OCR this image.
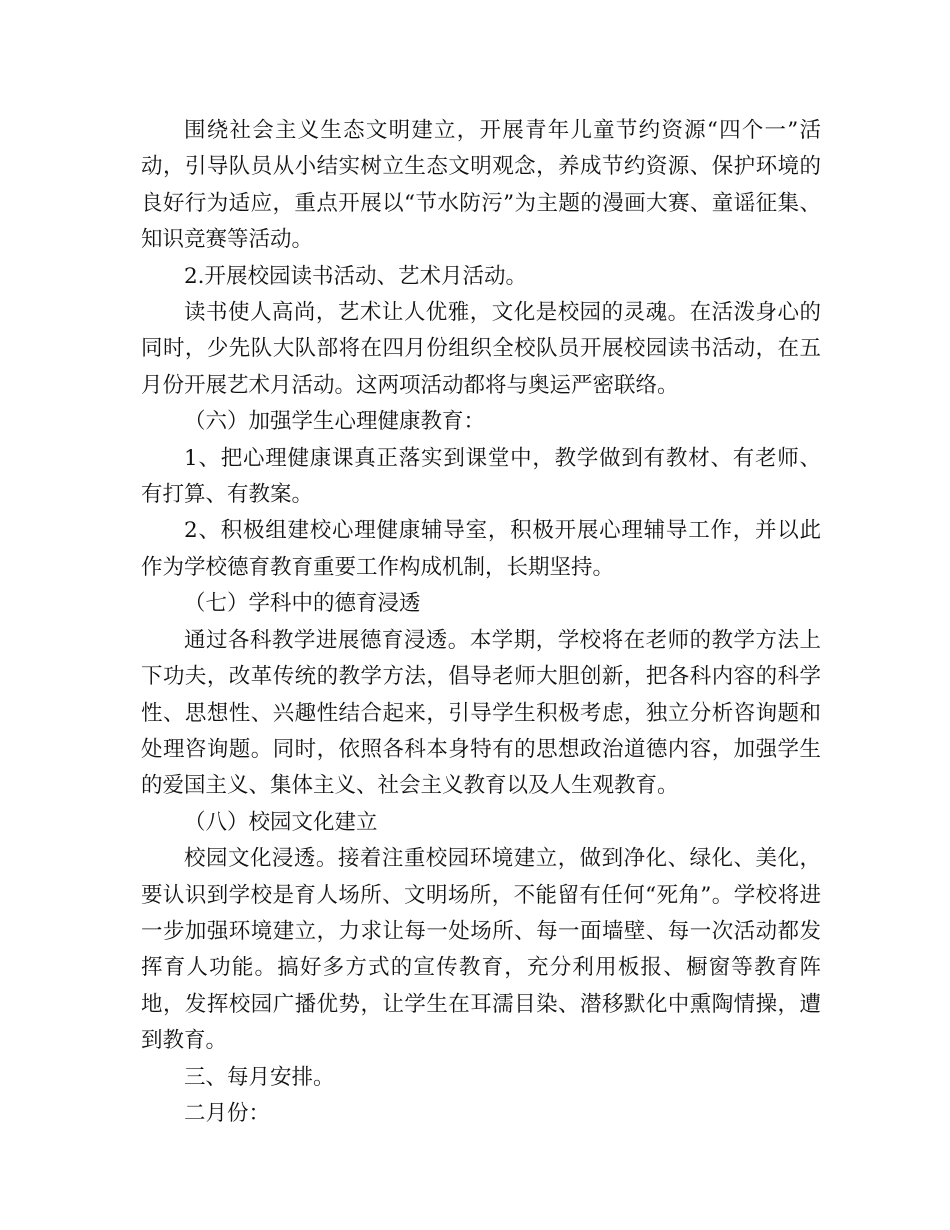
围绕社会主义生态文明建立，开展青年儿童节约资源“四个一”活动，引导队员从小结实树立生态文明观念，养成节约资源、保护环境的良好行为适应，重点开展以“节水防污”为主题的漫画大赛、童谣征集、知识竞赛等活动。

2.开展校园读书活动、艺术月活动。

读书使人高尚，艺术让人优雅，文化是校园的灵魂。在活泼身心的同时，少先队大队部将在四月份组织全校队员开展校园读书活动，在五月份开展艺术月活动。这两项活动都将与奥运严密联络。

（六）加强学生心理健康教育：

1、把心理健康课真正落实到课堂中，教学做到有教材、有老师、有打算、有教案。

2、积极组建校心理健康辅导室，积极开展心理辅导工作，并以此作为学校德育教育重要工作构成机制，长期坚持。

（七）学科中的德育浸透

通过各科教学进展德育浸透。本学期，学校将在老师的教学方法上下功夫，改革传统的教学方法，倡导老师大胆创新，把各科内容的科学性、思想性、兴趣性结合起来，引导学生积极考虑，独立分析咨询题和处理咨询题。同时，依照各科本身特有的思想政治道德内容，加强学生的爱国主义、集体主义、社会主义教育以及人生观教育。

（八）校园文化建立

校园文化浸透。接着注重校园环境建立，做到净化、绿化、美化，要认识到学校是育人场所、文明场所，不能留有任何“死角”。学校将进一步加强环境建立，力求让每一处场所、每一面墙壁、每一次活动都发挥育人功能。搞好多方式的宣传教育，充分利用板报、橱窗等教育阵地，发挥校园广播优势，让学生在耳濡目染、潜移默化中熏陶情操，遭到教育。

三、每月安排。

二月份：
